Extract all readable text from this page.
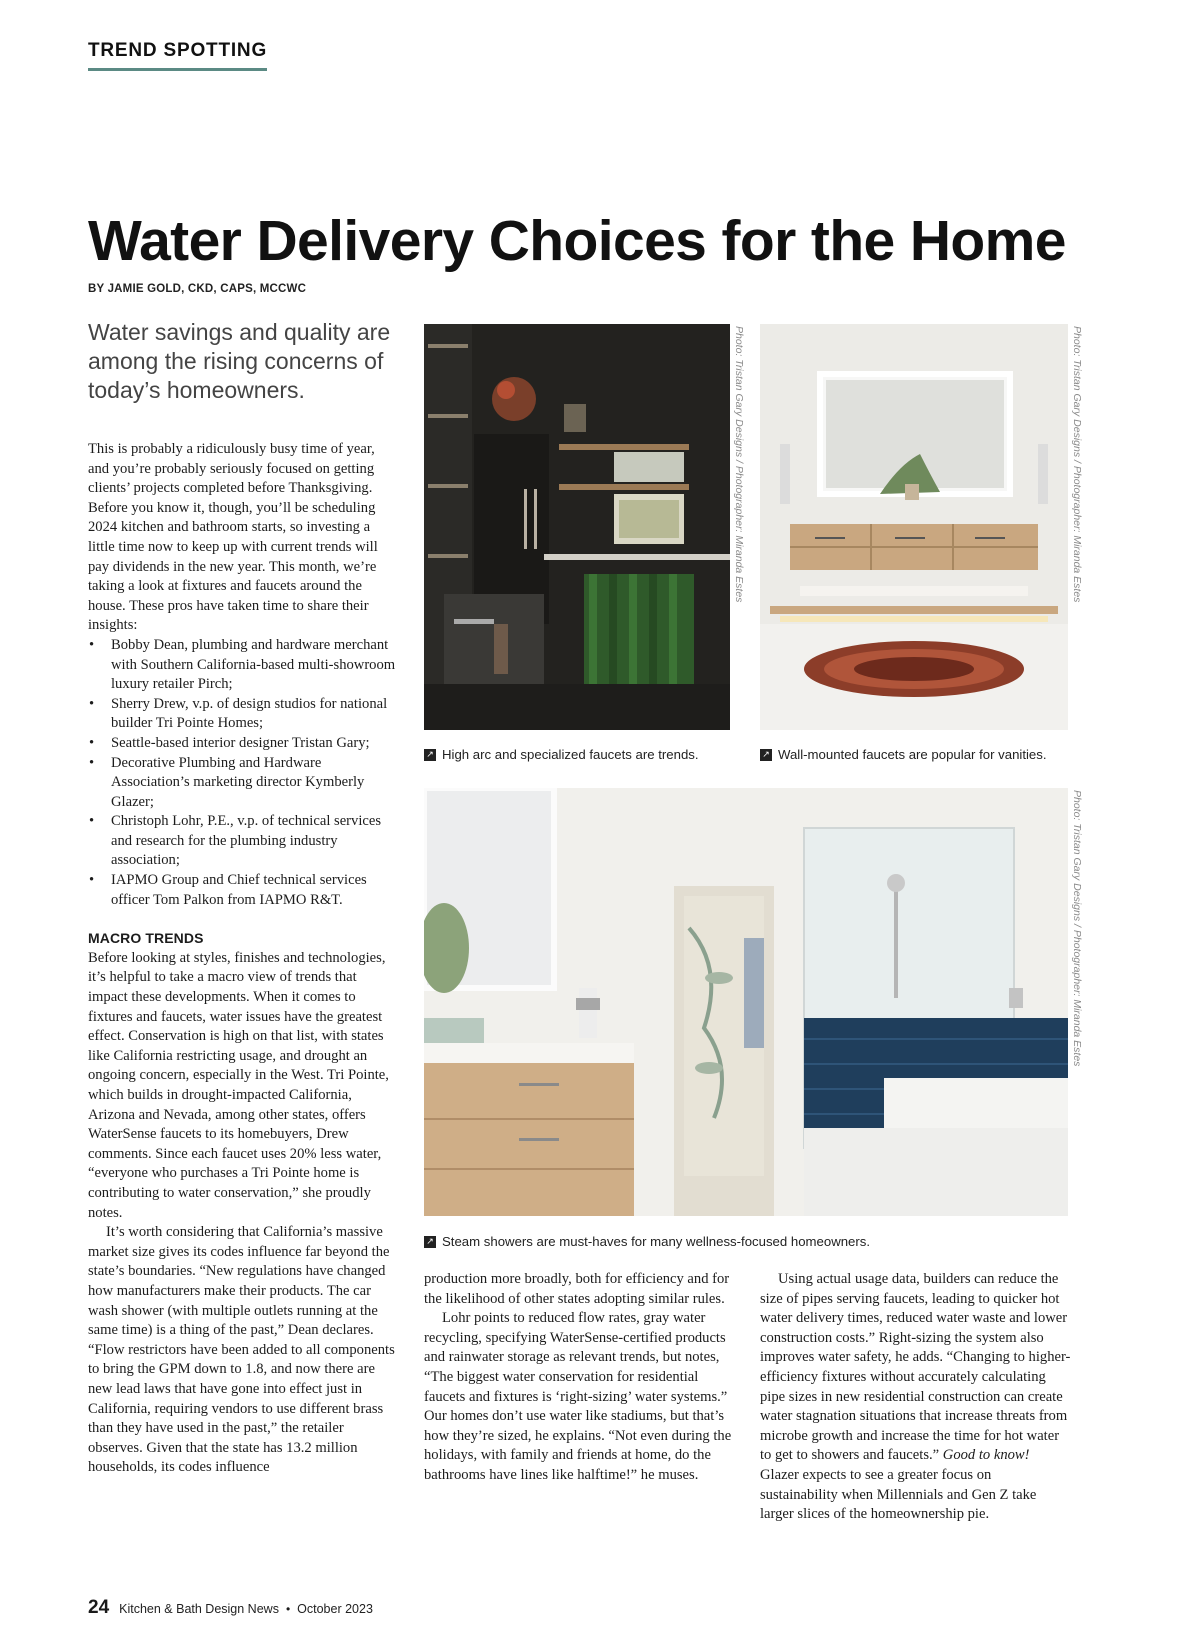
TREND SPOTTING
Water Delivery Choices for the Home
BY JAMIE GOLD, CKD, CAPS, MCCWC
Water savings and quality are among the rising concerns of today’s homeowners.

This is probably a ridiculously busy time of year, and you’re probably seriously focused on getting clients’ projects completed before Thanksgiving. Before you know it, though, you’ll be scheduling 2024 kitchen and bathroom starts, so investing a little time now to keep up with current trends will pay dividends in the new year. This month, we’re taking a look at fixtures and faucets around the house. These pros have taken time to share their insights:

• Bobby Dean, plumbing and hardware merchant with Southern California-based multi-showroom luxury retailer Pirch;
• Sherry Drew, v.p. of design studios for national builder Tri Pointe Homes;
• Seattle-based interior designer Tristan Gary;
• Decorative Plumbing and Hardware Association’s marketing director Kymberly Glazer;
• Christoph Lohr, P.E., v.p. of technical services and research for the plumbing industry association;
• IAPMO Group and Chief technical services officer Tom Palkon from IAPMO R&T.
MACRO TRENDS

Before looking at styles, finishes and technologies, it’s helpful to take a macro view of trends that impact these developments. When it comes to fixtures and faucets, water issues have the greatest effect. Conservation is high on that list, with states like California restricting usage, and drought an ongoing concern, especially in the West. Tri Pointe, which builds in drought-impacted California, Arizona and Nevada, among other states, offers WaterSense faucets to its homebuyers, Drew comments. Since each faucet uses 20% less water, “everyone who purchases a Tri Pointe home is contributing to water conservation,” she proudly notes.

It’s worth considering that California’s massive market size gives its codes influence far beyond the state’s boundaries. “New regulations have changed how manufacturers make their products. The car wash shower (with multiple outlets running at the same time) is a thing of the past,” Dean declares. “Flow restrictors have been added to all components to bring the GPM down to 1.8, and now there are new lead laws that have gone into effect just in California, requiring vendors to use different brass than they have used in the past,” the retailer observes. Given that the state has 13.2 million households, its codes influence

production more broadly, both for efficiency and for the likelihood of other states adopting similar rules.

Lohr points to reduced flow rates, gray water recycling, specifying WaterSense-certified products and rainwater storage as relevant trends, but notes, “The biggest water conservation for residential faucets and fixtures is ‘right-sizing’ water systems.” Our homes don’t use water like stadiums, but that’s how they’re sized, he explains. “Not even during the holidays, with family and friends at home, do the bathrooms have lines like halftime!” he muses.

Using actual usage data, builders can reduce the size of pipes serving faucets, leading to quicker hot water delivery times, reduced water waste and lower construction costs.” Right-sizing the system also improves water safety, he adds. “Changing to higher-efficiency fixtures without accurately calculating pipe sizes in new residential construction can create water stagnation situations that increase threats from microbe growth and increase the time for hot water to get to showers and faucets.” Good to know! Glazer expects to see a greater focus on sustainability when Millennials and Gen Z take larger slices of the homeownership pie.

Photo: Tristan Gary Designs / Photographer: Miranda Estes
↗ High arc and specialized faucets are trends.
Photo: Tristan Gary Designs / Photographer: Miranda Estes
↗ Wall-mounted faucets are popular for vanities.
Photo: Tristan Gary Designs / Photographer: Miranda Estes
↗ Steam showers are must-haves for many wellness-focused homeowners.
24 Kitchen & Bath Design News • October 2023
